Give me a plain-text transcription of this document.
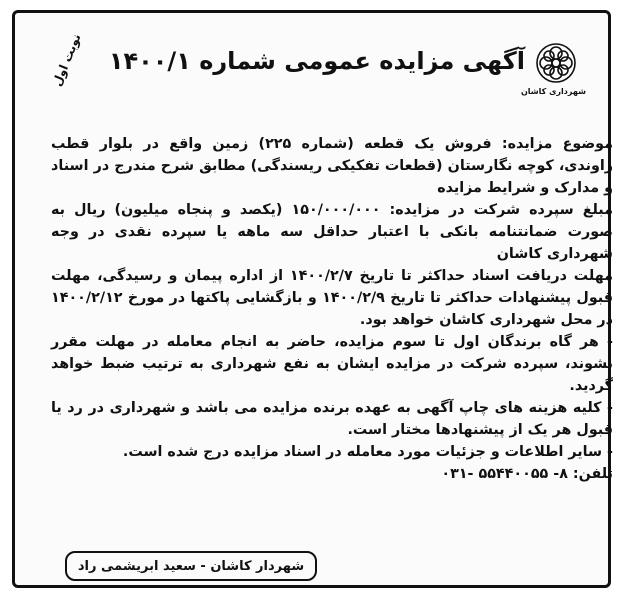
شهرداری کاشان
آگهی مزایده عمومی شماره ۱۴۰۰/۱
نوبت اول

موضوع مزایده: فروش یک قطعه (شماره ۲۲۵) زمین واقع در بلوار قطب راوندی، کوچه نگارستان (قطعات تفکیکی ریسندگی) مطابق شرح مندرج در اسناد و مدارک و شرایط مزایده

مبلغ سپرده شرکت در مزایده: ۱۵۰/۰۰۰/۰۰۰ (یکصد و پنجاه میلیون) ریال به صورت ضمانتنامه بانکی با اعتبار حداقل سه ماهه یا سپرده نقدی در وجه شهرداری کاشان

مهلت دریافت اسناد حداکثر تا تاریخ ۱۴۰۰/۲/۷ از اداره پیمان و رسیدگی، مهلت قبول پیشنهادات حداکثر تا تاریخ ۱۴۰۰/۲/۹ و بازگشایی پاکتها در مورخ ۱۴۰۰/۲/۱۲ در محل شهرداری کاشان خواهد بود.

- هر گاه برندگان اول تا سوم مزایده، حاضر به انجام معامله در مهلت مقرر نشوند، سپرده شرکت در مزایده ایشان به نفع شهرداری به ترتیب ضبط خواهد گردید.

- کلیه هزینه های چاپ آگهی به عهده برنده مزایده می باشد و شهرداری در رد یا قبول هر یک از پیشنهادها مختار است.

- سایر اطلاعات و جزئیات مورد معامله در اسناد مزایده درج شده است.

تلفن: ۸- ۵۵۴۴۰۰۵۵ -۰۳۱

شهردار کاشان - سعید ابریشمی راد
